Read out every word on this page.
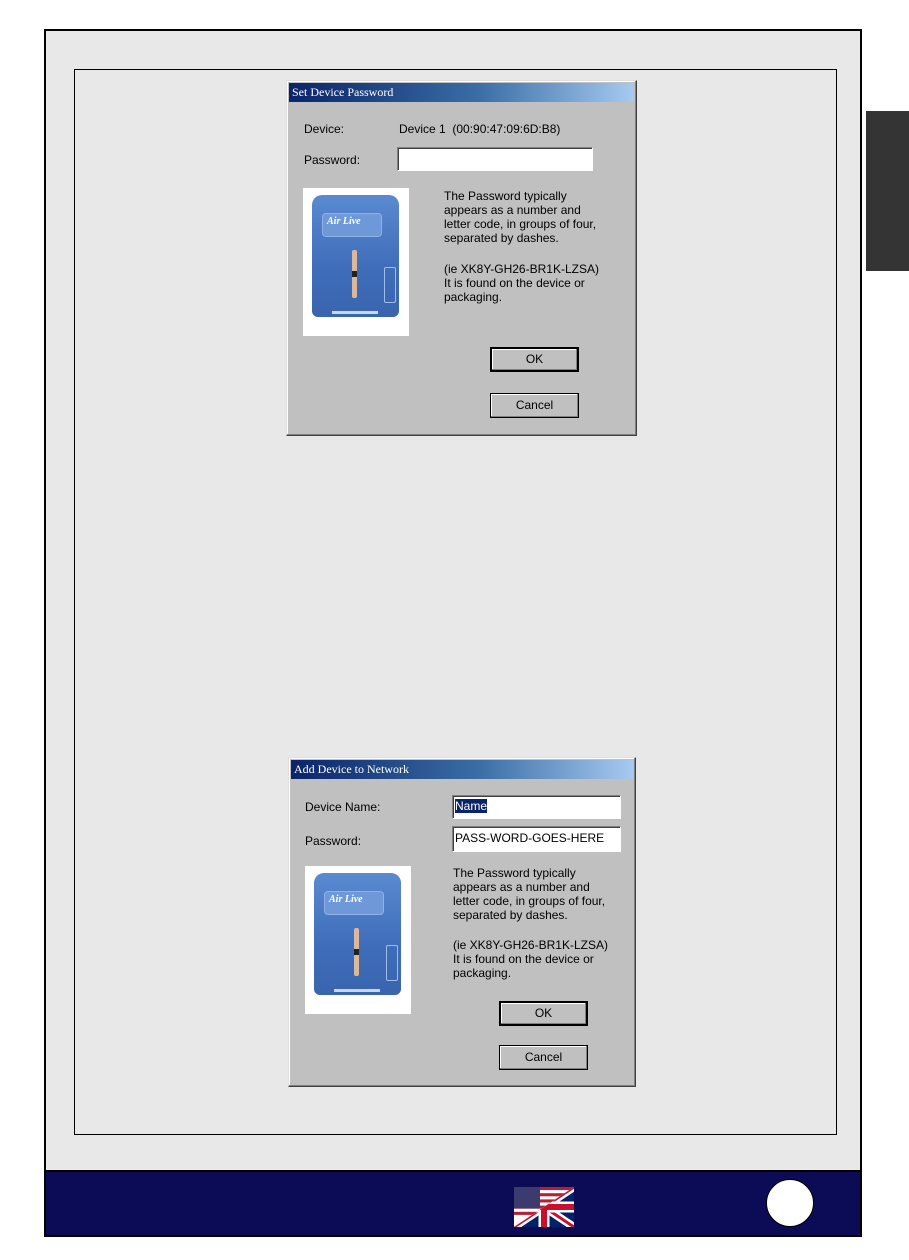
Set Device Password
Device:	Device 1  (00:90:47:09:6D:B8)
Password:
Air Live
The Password typically
appears as a number and
letter code, in groups of four,
separated by dashes.
(ie XK8Y-GH26-BR1K-LZSA)
It is found on the device or
packaging.
OK
Cancel
Add Device to Network
Device Name:	Name
Password:	PASS-WORD-GOES-HERE
Air Live
The Password typically
appears as a number and
letter code, in groups of four,
separated by dashes.
(ie XK8Y-GH26-BR1K-LZSA)
It is found on the device or
packaging.
OK
Cancel
